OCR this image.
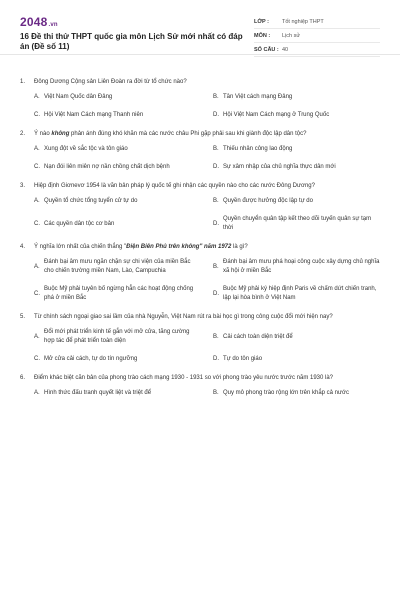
2048.vn
16 Đề thi thử THPT quốc gia môn Lịch Sử mới nhất có đáp án (Đề số 11)
LỚP :	Tốt nghiệp THPT
MÔN :	Lịch sử
SỐ CÂU : 40
1.	Đông Dương Cộng sản Liên Đoàn ra đời từ tổ chức nào?
A. Việt Nam Quốc dân Đảng	B. Tân Việt cách mạng Đảng
C. Hội Việt Nam Cách mạng Thanh niên	D. Hội Việt Nam Cách mạng ở Trung Quốc
2.	Ý nào không phản ánh đúng khó khăn mà các nước châu Phi gặp phải sau khi giành độc lập dân tộc?
A. Xung đột về sắc tộc và tôn giáo	B. Thiếu nhân công lao động
C. Nạn đói liên miên nợ nần chồng chất dịch bệnh	D. Sự xâm nhập của chủ nghĩa thực dân mới
3.	Hiệp định Giơnevơ 1954 là văn bản pháp lý quốc tế ghi nhận các quyền nào cho các nước Đông Dương?
A. Quyền tổ chức tổng tuyển cử tự do	B. Quyền được hưởng độc lập tự do
C. Các quyền dân tộc cơ bản	D.
Quyền chuyển quân tập kết theo dõi tuyến quân sự tạm thời
4.	Ý nghĩa lớn nhất của chiến thắng "Điện Biên Phủ trên không" năm 1972 là gì?
A.
Đánh bại âm mưu ngăn chặn sự chi viện của miền Bắc cho chiến trường miền Nam, Lào, Campuchia
B.
Đánh bại âm mưu phá hoại công cuộc xây dựng chủ nghĩa xã hội ở miền Bắc
C.
Buộc Mỹ phải tuyên bố ngừng hẳn các hoạt động chống phá ở miền Bắc
D.
Buộc Mỹ phải ký hiệp định Paris về chấm dứt chiến tranh, lập lại hòa bình ở Việt Nam
5.	Từ chính sách ngoại giao sai lầm của nhà Nguyễn, Việt Nam rút ra bài học gì trong công cuộc đổi mới hiện nay?
A.
Đổi mới phát triển kinh tế gắn với mở cửa, tăng cường hợp tác để phát triển toàn diện
B. Cải cách toàn diện triệt để
C. Mở cửa cải cách, tự do tín ngưỡng	D. Tự do tôn giáo
6.	Điểm khác biệt căn bản của phong trào cách mạng 1930 - 1931 so với phong trào yêu nước trước năm 1930 là?
A. Hình thức đấu tranh quyết liệt và triệt để	B. Quy mô phong trào rộng lớn trên khắp cả nước
